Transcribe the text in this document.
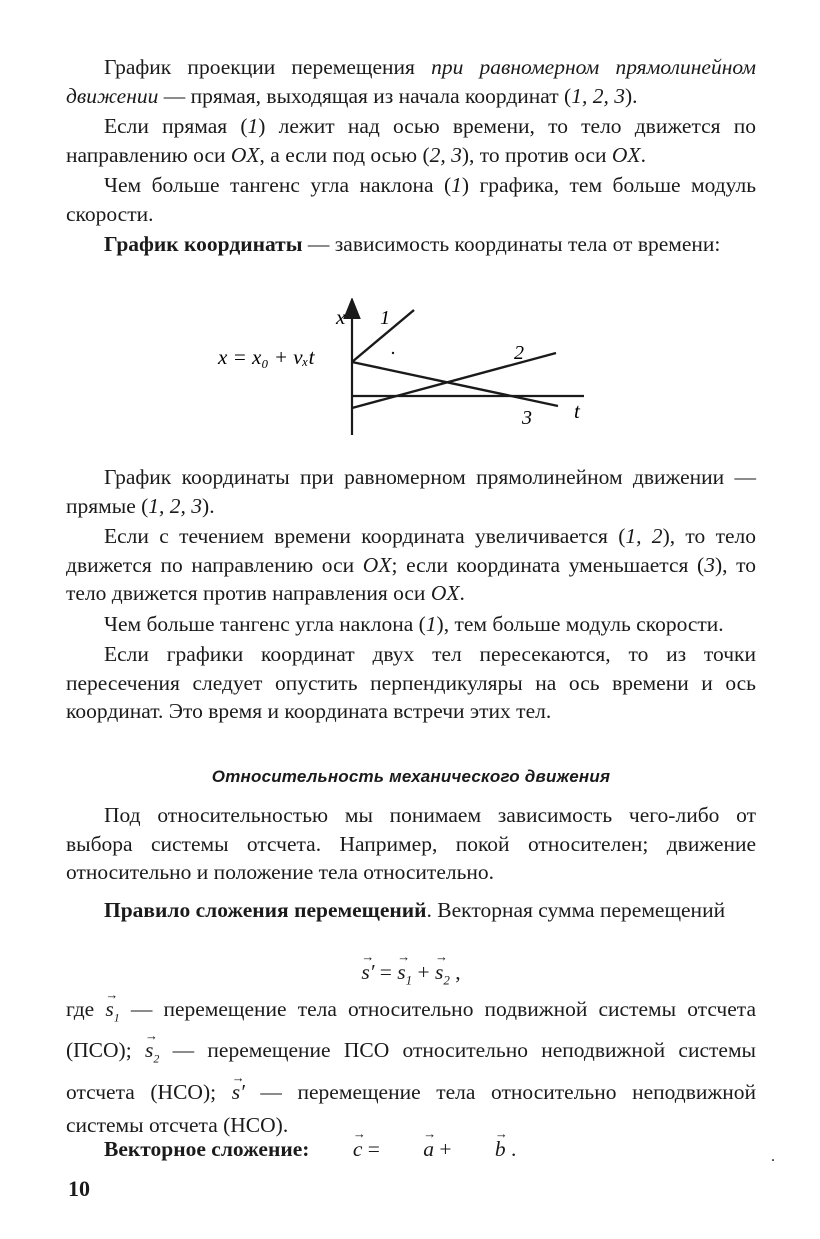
График проекции перемещения при равномерном прямолинейном движении — прямая, выходящая из начала координат (1, 2, 3).

Если прямая (1) лежит над осью времени, то тело движется по направлению оси OX, а если под осью (2, 3), то против оси OX.

Чем больше тангенс угла наклона (1) графика, тем больше модуль скорости.

График координаты — зависимость координаты тела от времени:

x
t
1
2
3
x = x₀ + vₓt

График координаты при равномерном прямолинейном движении — прямые (1, 2, 3).

Если с течением времени координата увеличивается (1, 2), то тело движется по направлению оси OX; если координата уменьшается (3), то тело движется против направления оси OX.

Чем больше тангенс угла наклона (1), тем больше модуль скорости.

Если графики координат двух тел пересекаются, то из точки пересечения следует опустить перпендикуляры на ось времени и ось координат. Это время и координата встречи этих тел.

Относительность механического движения

Под относительностью мы понимаем зависимость чего-либо от выбора системы отсчета. Например, покой относителен; движение относительно и положение тела относительно.

Правило сложения перемещений. Векторная сумма перемещений

→ s′ = → $s_1$ + → $s_2$ ,

где → $s_1$ — перемещение тела относительно подвижной системы отсчета (ПСО); → $s_2$ — перемещение ПСО относительно неподвижной системы отсчета (НСО); → s′ — перемещение тела относительно неподвижной системы отсчета (НСО).

Векторное сложение: → c = → a + → b .	.
10
